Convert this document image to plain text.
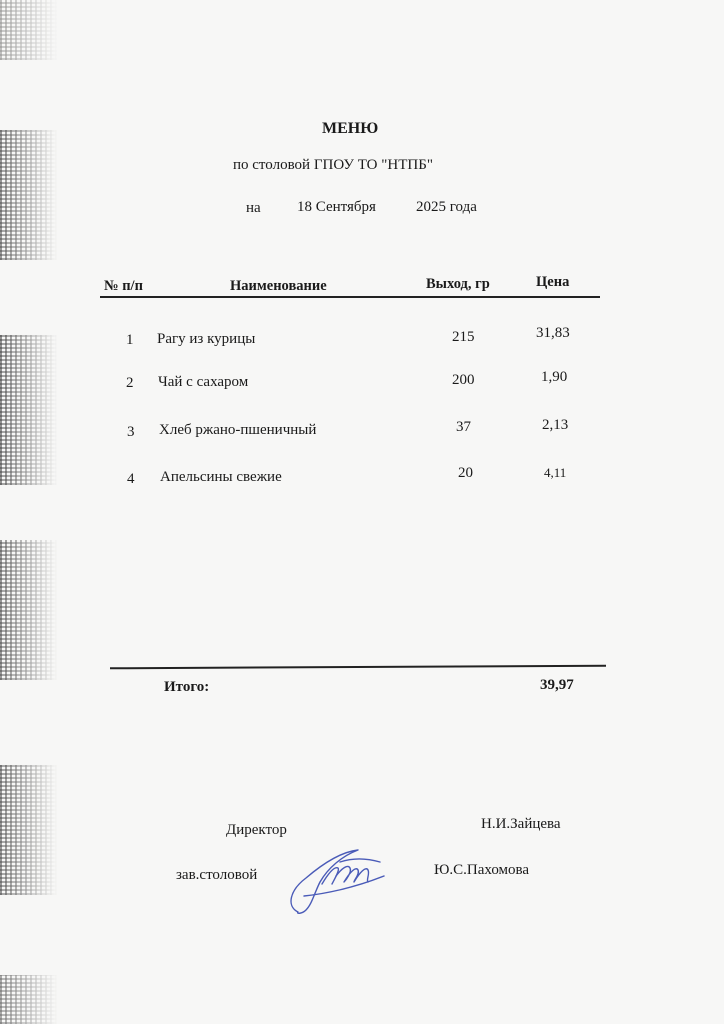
МЕНЮ
по столовой ГПОУ ТО "НТПБ"
на 18 Сентября	2025 года
№ п/п	Наименование	Выход, гр	Цена
1 Рагу из курицы	215	31,83
2 Чай с сахаром	200	1,90
3 Хлеб ржано-пшеничный	37	2,13
4 Апельсины свежие	20	4,11
Итого:	39,97
Директор	Н.И.Зайцева
зав.столовой	Ю.С.Пахомова
